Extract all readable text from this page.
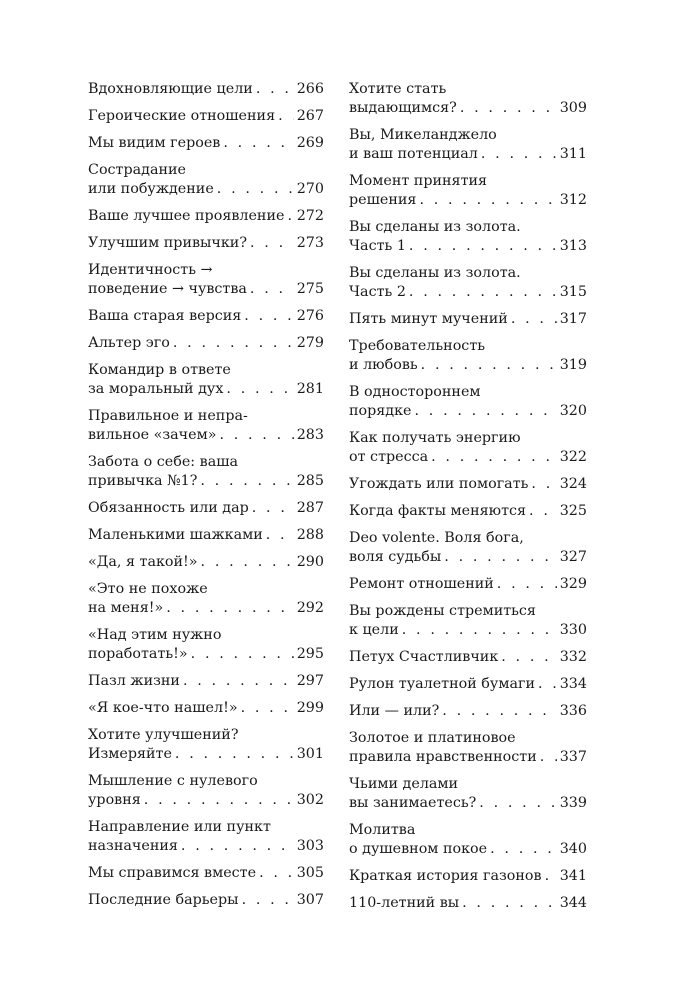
Вдохновляющие цели . . .	266
Героические отношения . . . 267
Мы видим героев . . .	269
Сострадание
или побуждение . . .	270
Ваше лучшее проявление . . . 272
Улучшим привычки? . . .	273
Идентичность →
поведение → чувства . . .	275
Ваша старая версия . . .	276
Альтер эго . . .	279
Командир в ответе
за моральный дух . . .	281
Правильное и непра-
вильное «зачем» . . .	283
Забота о себе: ваша
привычка №1? . . .	285
Обязанность или дар . . .	287
Маленькими шажками . . . 288
«Да, я такой!» . . .	290
«Это не похоже
на меня!» . . .	292
«Над этим нужно
поработать!» . . .	295
Пазл жизни . . .	297
«Я кое-что нашел!» . . .	299
Хотите улучшений?
Измеряйте . . .	301
Мышление с нулевого
уровня . . .	302
Направление или пункт
назначения . . .	303
Мы справимся вместе . . .	305
Последние барьеры . . .	307
Хотите стать
выдающимся? . . .	309
Вы, Микеланджело
и ваш потенциал . . .	311
Момент принятия
решения . . .	312
Вы сделаны из золота.
Часть 1 . . .	313
Вы сделаны из золота.
Часть 2 . . .	315
Пять минут мучений . . .	317
Требовательность
и любовь . . .	319
В одностороннем
порядке . . .	320
Как получать энергию
от стресса . . .	322
Угождать или помогать . . . 324
Когда факты меняются . . . 325
Deo volente. Воля бога,
воля судьбы . . .	327
Ремонт отношений . . .	329
Вы рождены стремиться
к цели . . .	330
Петух Счастливчик . . .	332
Рулон туалетной бумаги . . . 334
Или — или? . . .	336
Золотое и платиновое
правила нравственности . . . 337
Чьими делами
вы занимаетесь? . . .	339
Молитва
о душевном покое . . .	340
Краткая история газонов . . . 341
110-летний вы . . .	344
